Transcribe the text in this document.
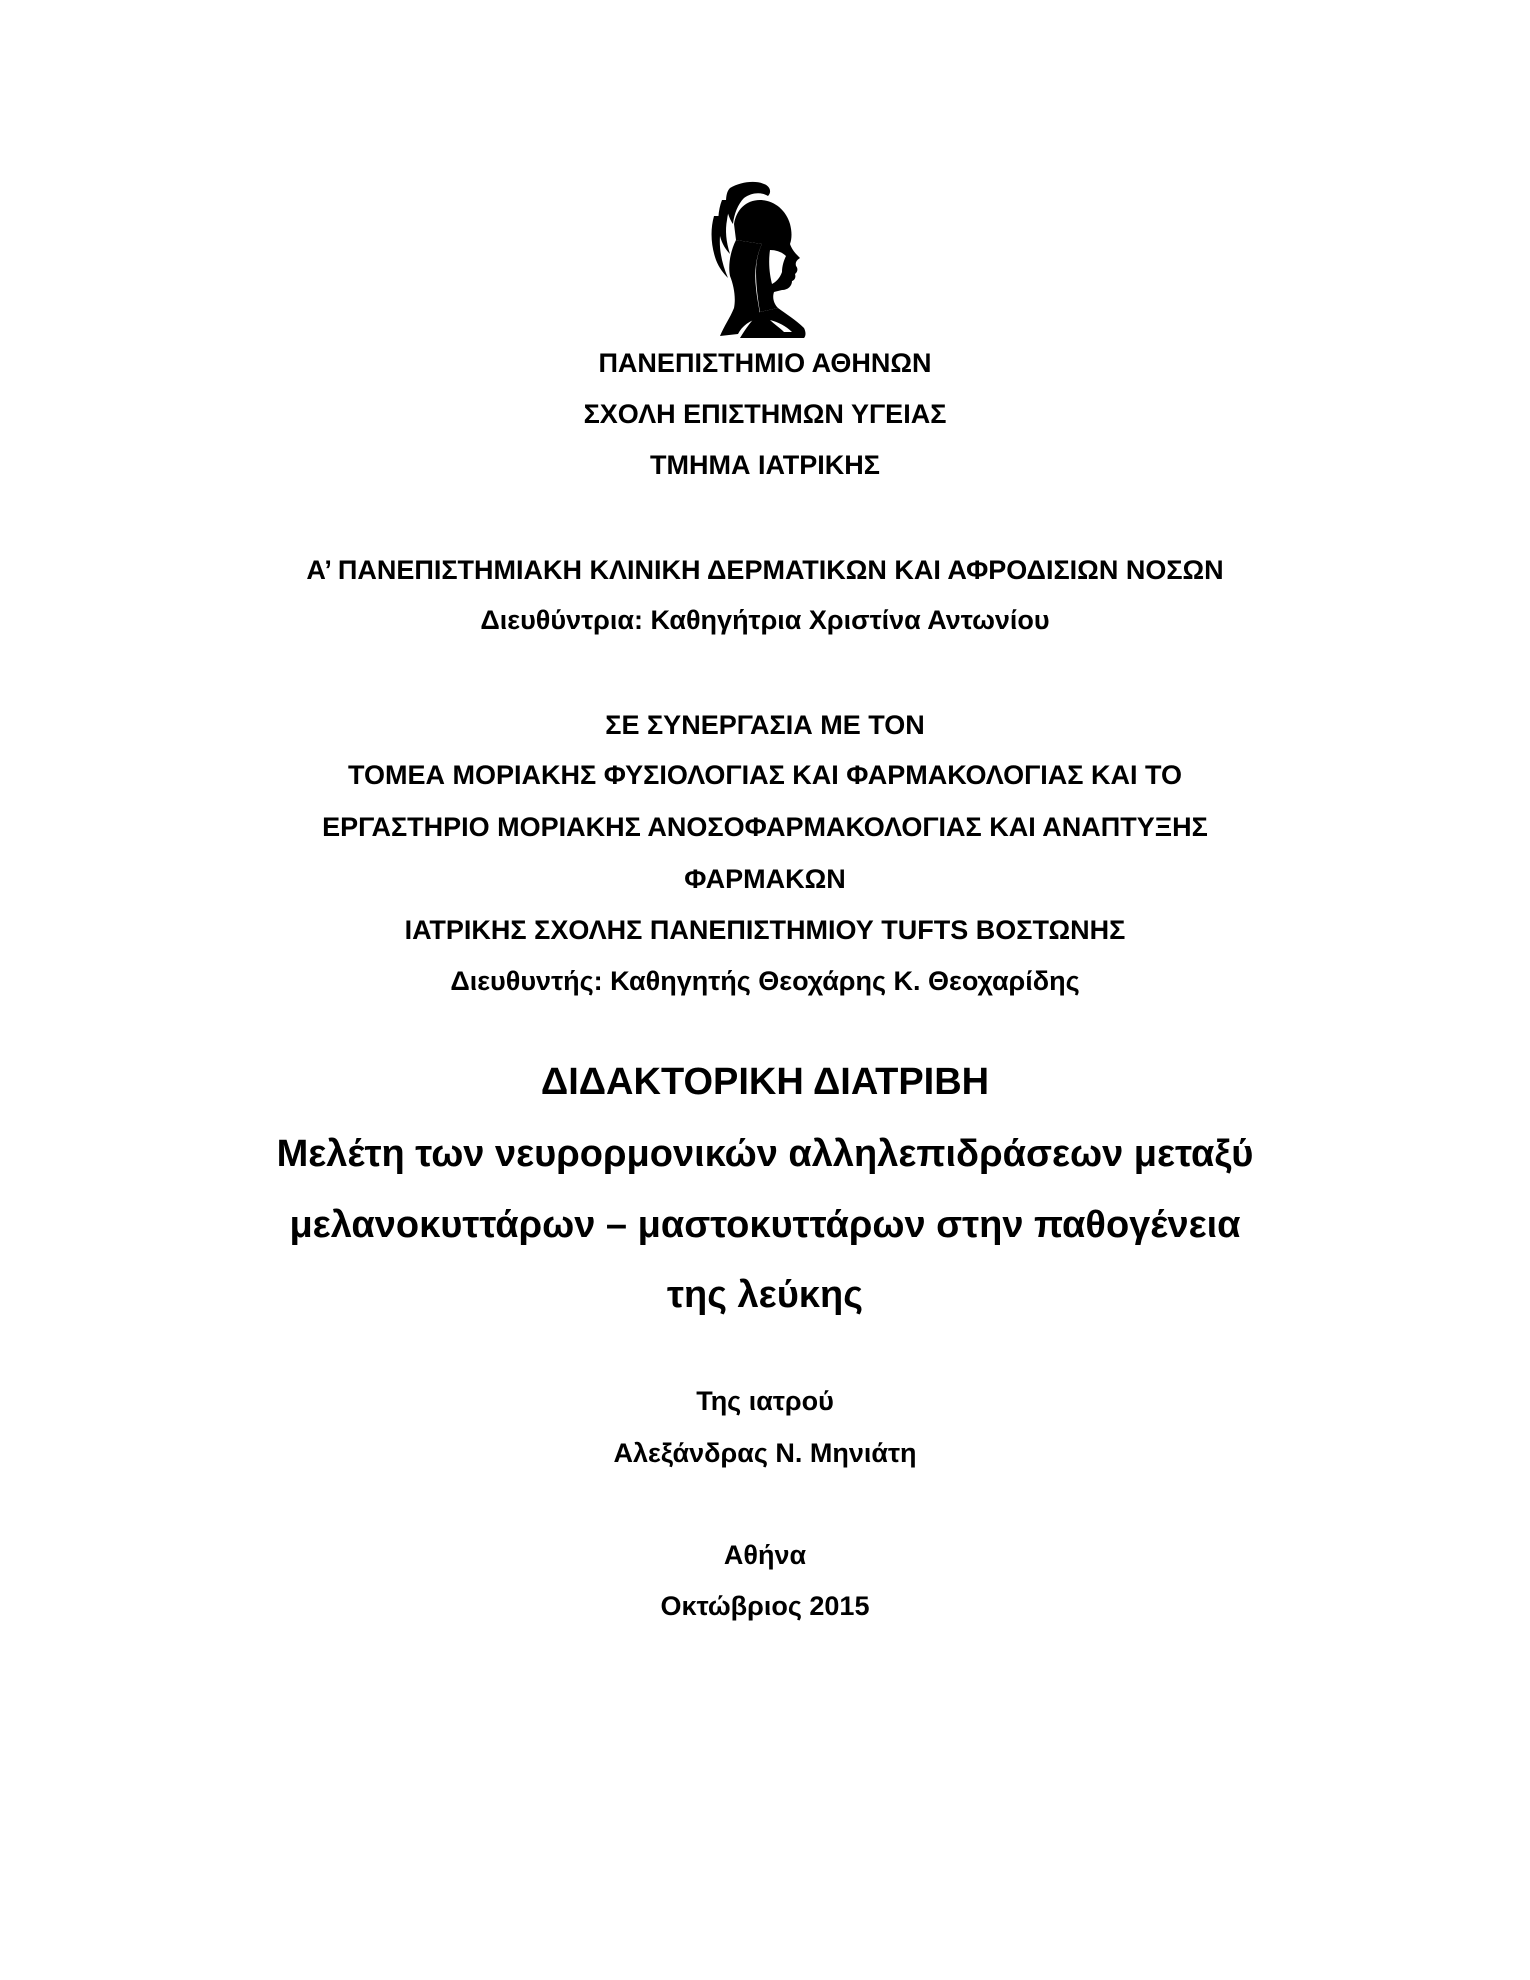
ΠΑΝΕΠΙΣΤΗΜΙΟ ΑΘΗΝΩΝ
ΣΧΟΛΗ ΕΠΙΣΤΗΜΩΝ ΥΓΕΙΑΣ
ΤΜΗΜΑ ΙΑΤΡΙΚΗΣ
Α’ ΠΑΝΕΠΙΣΤΗΜΙΑΚΗ ΚΛΙΝΙΚΗ ΔΕΡΜΑΤΙΚΩΝ ΚΑΙ ΑΦΡΟΔΙΣΙΩΝ ΝΟΣΩΝ
Διευθύντρια: Καθηγήτρια Χριστίνα Αντωνίου
ΣΕ ΣΥΝΕΡΓΑΣΙΑ ΜΕ ΤΟΝ
ΤΟΜΕΑ ΜΟΡΙΑΚΗΣ ΦΥΣΙΟΛΟΓΙΑΣ ΚΑΙ ΦΑΡΜΑΚΟΛΟΓΙΑΣ ΚΑΙ ΤΟ
ΕΡΓΑΣΤΗΡΙΟ ΜΟΡΙΑΚΗΣ ΑΝΟΣΟΦΑΡΜΑΚΟΛΟΓΙΑΣ ΚΑΙ ΑΝΑΠΤΥΞΗΣ
ΦΑΡΜΑΚΩΝ
ΙΑΤΡΙΚΗΣ ΣΧΟΛΗΣ ΠΑΝΕΠΙΣΤΗΜΙΟΥ TUFTS ΒΟΣΤΩΝΗΣ
Διευθυντής: Καθηγητής Θεοχάρης Κ. Θεοχαρίδης
ΔΙΔΑΚΤΟΡΙΚΗ ΔΙΑΤΡΙΒΗ
Μελέτη των νευρορμονικών αλληλεπιδράσεων μεταξύ
μελανοκυττάρων – μαστοκυττάρων στην παθογένεια
της λεύκης
Της ιατρού
Αλεξάνδρας Ν. Μηνιάτη
Αθήνα
Οκτώβριος 2015
